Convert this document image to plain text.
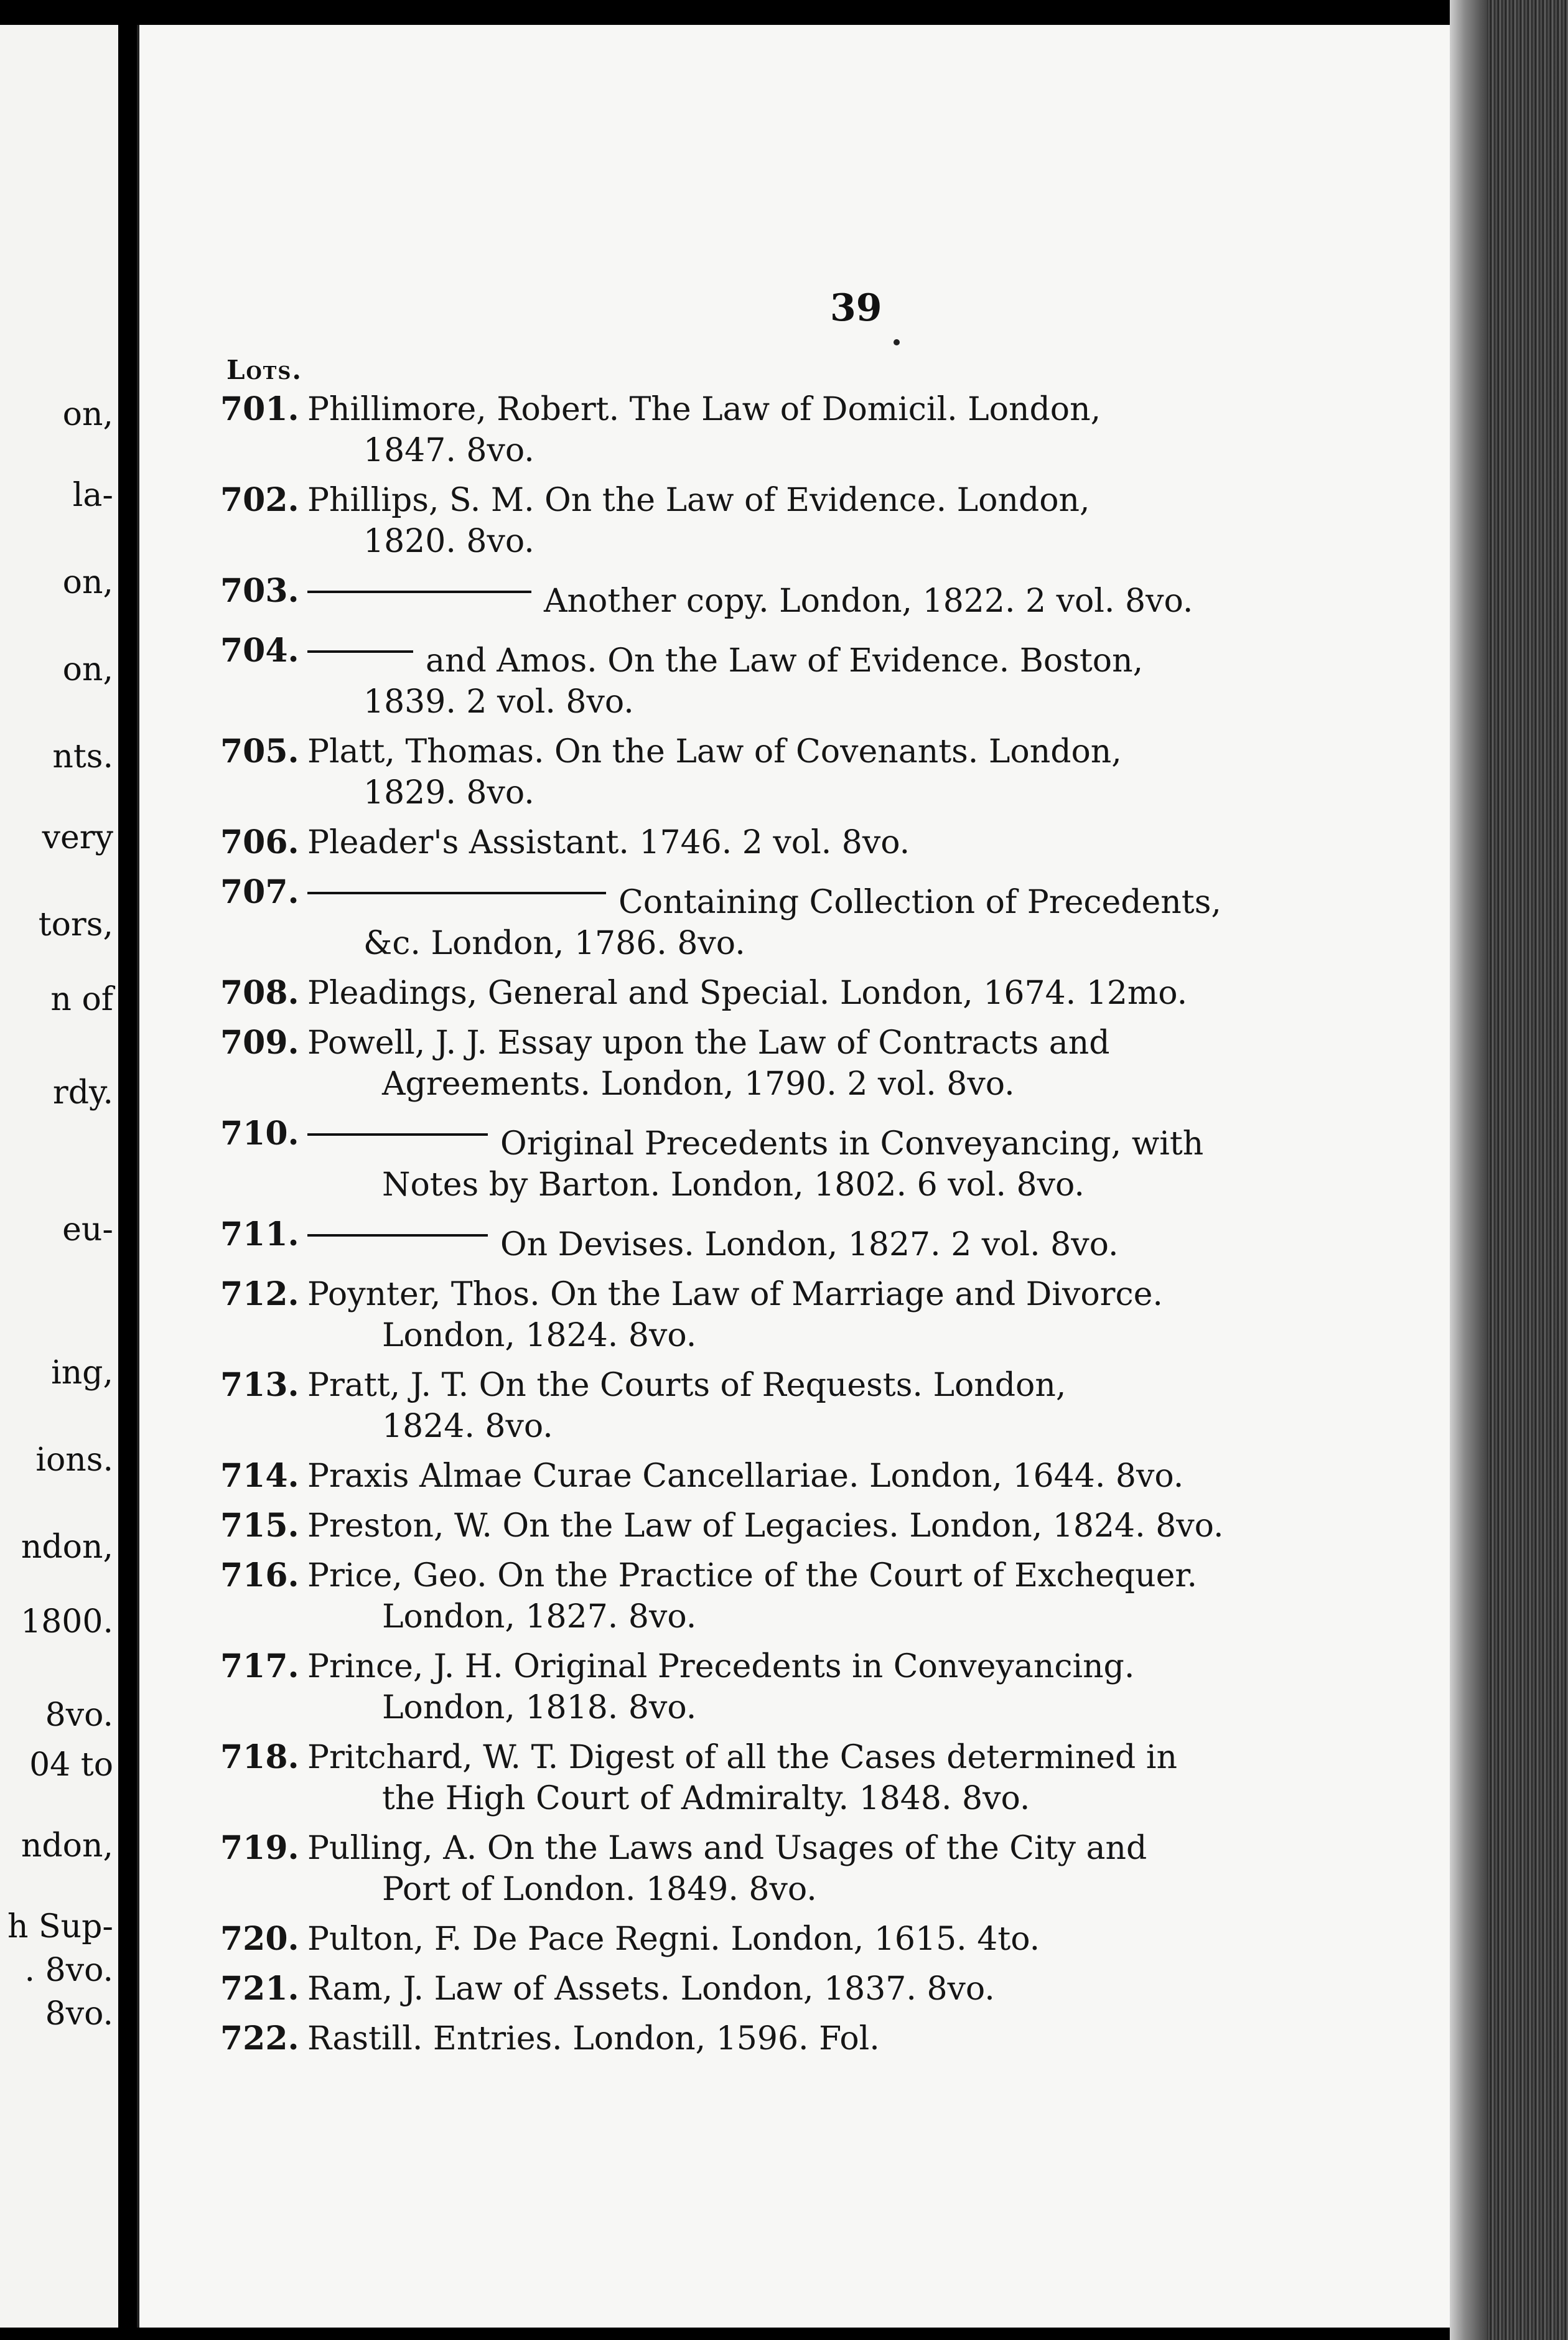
on,
la-
on,
on,
nts.
very
tors,
n of
rdy.
eu-
ing,
ions.
ndon,
1800.
8vo.
04 to
ndon,
h Sup-
. 8vo.
8vo.
39
Lots.
701. Phillimore, Robert. The Law of Domicil. London,
1847. 8vo.
702. Phillips, S. M. On the Law of Evidence. London,
1820. 8vo.
703.	Another copy. London, 1822. 2 vol. 8vo.
704.	and Amos. On the Law of Evidence. Boston,
1839. 2 vol. 8vo.
705. Platt, Thomas. On the Law of Covenants. London,
1829. 8vo.
706. Pleader's Assistant. 1746. 2 vol. 8vo.
707.	Containing Collection of Precedents,
&c. London, 1786. 8vo.
708. Pleadings, General and Special. London, 1674. 12mo.
709. Powell, J. J. Essay upon the Law of Contracts and
Agreements. London, 1790. 2 vol. 8vo.
710.	Original Precedents in Conveyancing, with
Notes by Barton. London, 1802. 6 vol. 8vo.
711.	On Devises. London, 1827. 2 vol. 8vo.
712. Poynter, Thos. On the Law of Marriage and Divorce.
London, 1824. 8vo.
713. Pratt, J. T. On the Courts of Requests. London,
1824. 8vo.
714. Praxis Almae Curae Cancellariae. London, 1644. 8vo.
715. Preston, W. On the Law of Legacies. London, 1824. 8vo.
716. Price, Geo. On the Practice of the Court of Exchequer.
London, 1827. 8vo.
717. Prince, J. H. Original Precedents in Conveyancing.
London, 1818. 8vo.
718. Pritchard, W. T. Digest of all the Cases determined in
the High Court of Admiralty. 1848. 8vo.
719. Pulling, A. On the Laws and Usages of the City and
Port of London. 1849. 8vo.
720. Pulton, F. De Pace Regni. London, 1615. 4to.
721. Ram, J. Law of Assets. London, 1837. 8vo.
722. Rastill. Entries. London, 1596. Fol.
